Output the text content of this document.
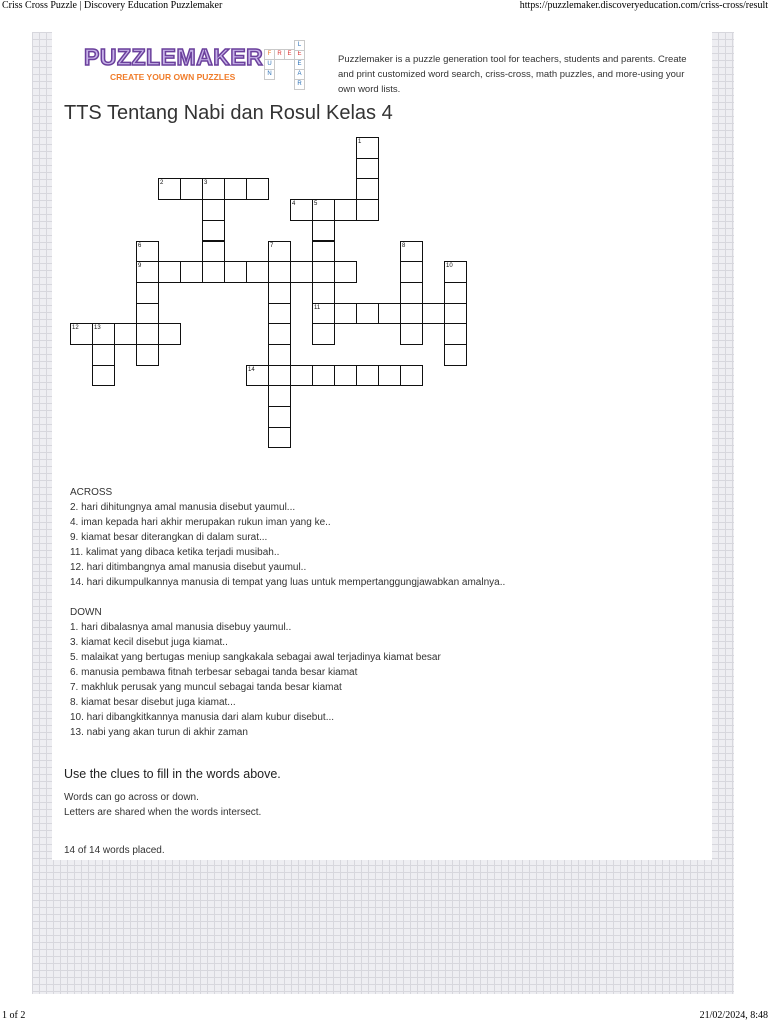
Criss Cross Puzzle | Discovery Education Puzzlemaker	https://puzzlemaker.discoveryeducation.com/criss-cross/result
PUZZLEMAKER
CREATE YOUR OWN PUZZLES
F	R E E
U
N
L
E
A
R
Puzzlemaker is a puzzle generation tool for teachers, students and parents. Create and print customized word search, criss-cross, math puzzles, and more-using your own word lists.
TTS Tentang Nabi dan Rosul Kelas 4
1
2	3
4	5
6	7	8
9	10
11
12	13
14
ACROSS
2. hari dihitungnya amal manusia disebut yaumul...
4. iman kepada hari akhir merupakan rukun iman yang ke..
9. kiamat besar diterangkan di dalam surat...
11. kalimat yang dibaca ketika terjadi musibah..
12. hari ditimbangnya amal manusia disebut yaumul..
14. hari dikumpulkannya manusia di tempat yang luas untuk mempertanggungjawabkan amalnya..
DOWN
1. hari dibalasnya amal manusia disebuy yaumul..
3. kiamat kecil disebut juga kiamat..
5. malaikat yang bertugas meniup sangkakala sebagai awal terjadinya kiamat besar
6. manusia pembawa fitnah terbesar sebagai tanda besar kiamat
7. makhluk perusak yang muncul sebagai tanda besar kiamat
8. kiamat besar disebut juga kiamat...
10. hari dibangkitkannya manusia dari alam kubur disebut...
13. nabi yang akan turun di akhir zaman
Use the clues to fill in the words above.
Words can go across or down.
Letters are shared when the words intersect.
14 of 14 words placed.
1 of 2	21/02/2024, 8:48
